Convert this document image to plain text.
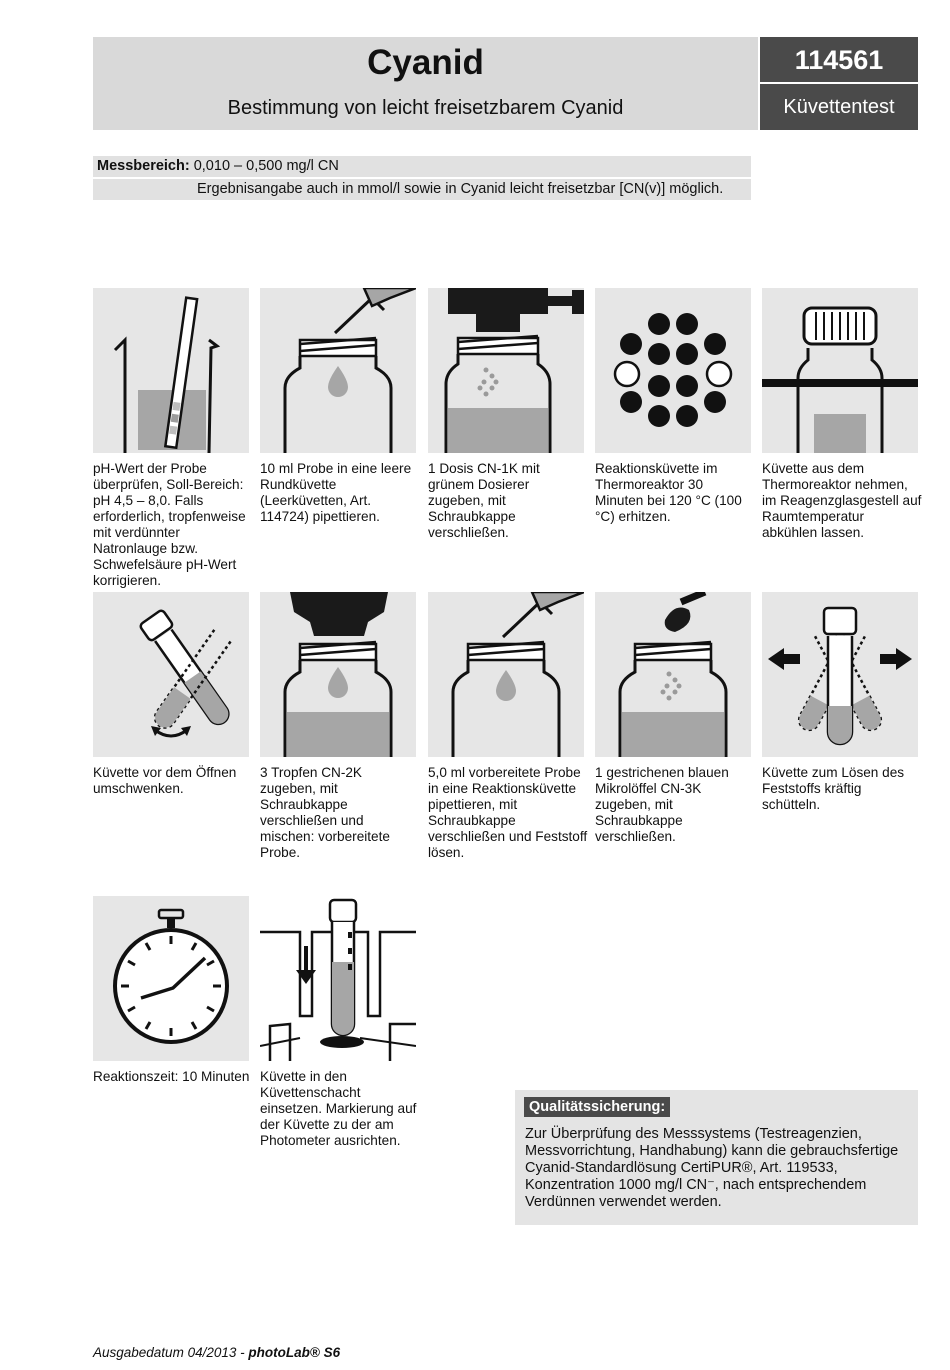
Cyanid
Bestimmung von leicht freisetzbarem Cyanid
114561
Küvettentest
Messbereich: 0,010 – 0,500 mg/l CN
Ergebnisangabe auch in mmol/l sowie in Cyanid leicht freisetzbar [CN(v)] möglich.
pH-Wert der Probe überprüfen, Soll-Bereich: pH 4,5 – 8,0. Falls erforderlich, tropfenweise mit verdünnter Natronlauge bzw. Schwefelsäure pH-Wert korrigieren.
10 ml Probe in eine leere Rundküvette (Leerküvetten, Art. 114724) pipettieren.
1 Dosis CN-1K mit grünem Dosierer zugeben, mit Schraubkappe verschließen.
Reaktionsküvette im Thermoreaktor 30 Minuten bei 120 °C (100 °C) erhitzen.
Küvette aus dem Thermoreaktor nehmen, im Reagenzglasgestell auf Raumtemperatur abkühlen lassen.
Küvette vor dem Öffnen umschwenken.
3 Tropfen CN-2K zugeben, mit Schraubkappe verschließen und mischen: vorbereitete Probe.
5,0 ml vorbereitete Probe in eine Reaktionsküvette pipettieren, mit Schraubkappe verschließen und Feststoff lösen.
1 gestrichenen blauen Mikrolöffel CN-3K zugeben, mit Schraubkappe verschließen.
Küvette zum Lösen des Feststoffs kräftig schütteln.
Reaktionszeit: 10 Minuten Küvette in den Küvettenschacht einsetzen. Markierung auf der Küvette zu der am Photometer ausrichten.
Qualitätssicherung:
Zur Überprüfung des Messsystems (Testreagenzien, Messvorrichtung, Handhabung) kann die gebrauchsfertige Cyanid-Standardlösung CertiPUR®, Art. 119533, Konzentration 1000 mg/l CN⁻, nach entsprechendem Verdünnen verwendet werden.
Ausgabedatum 04/2013 - photoLab® S6
